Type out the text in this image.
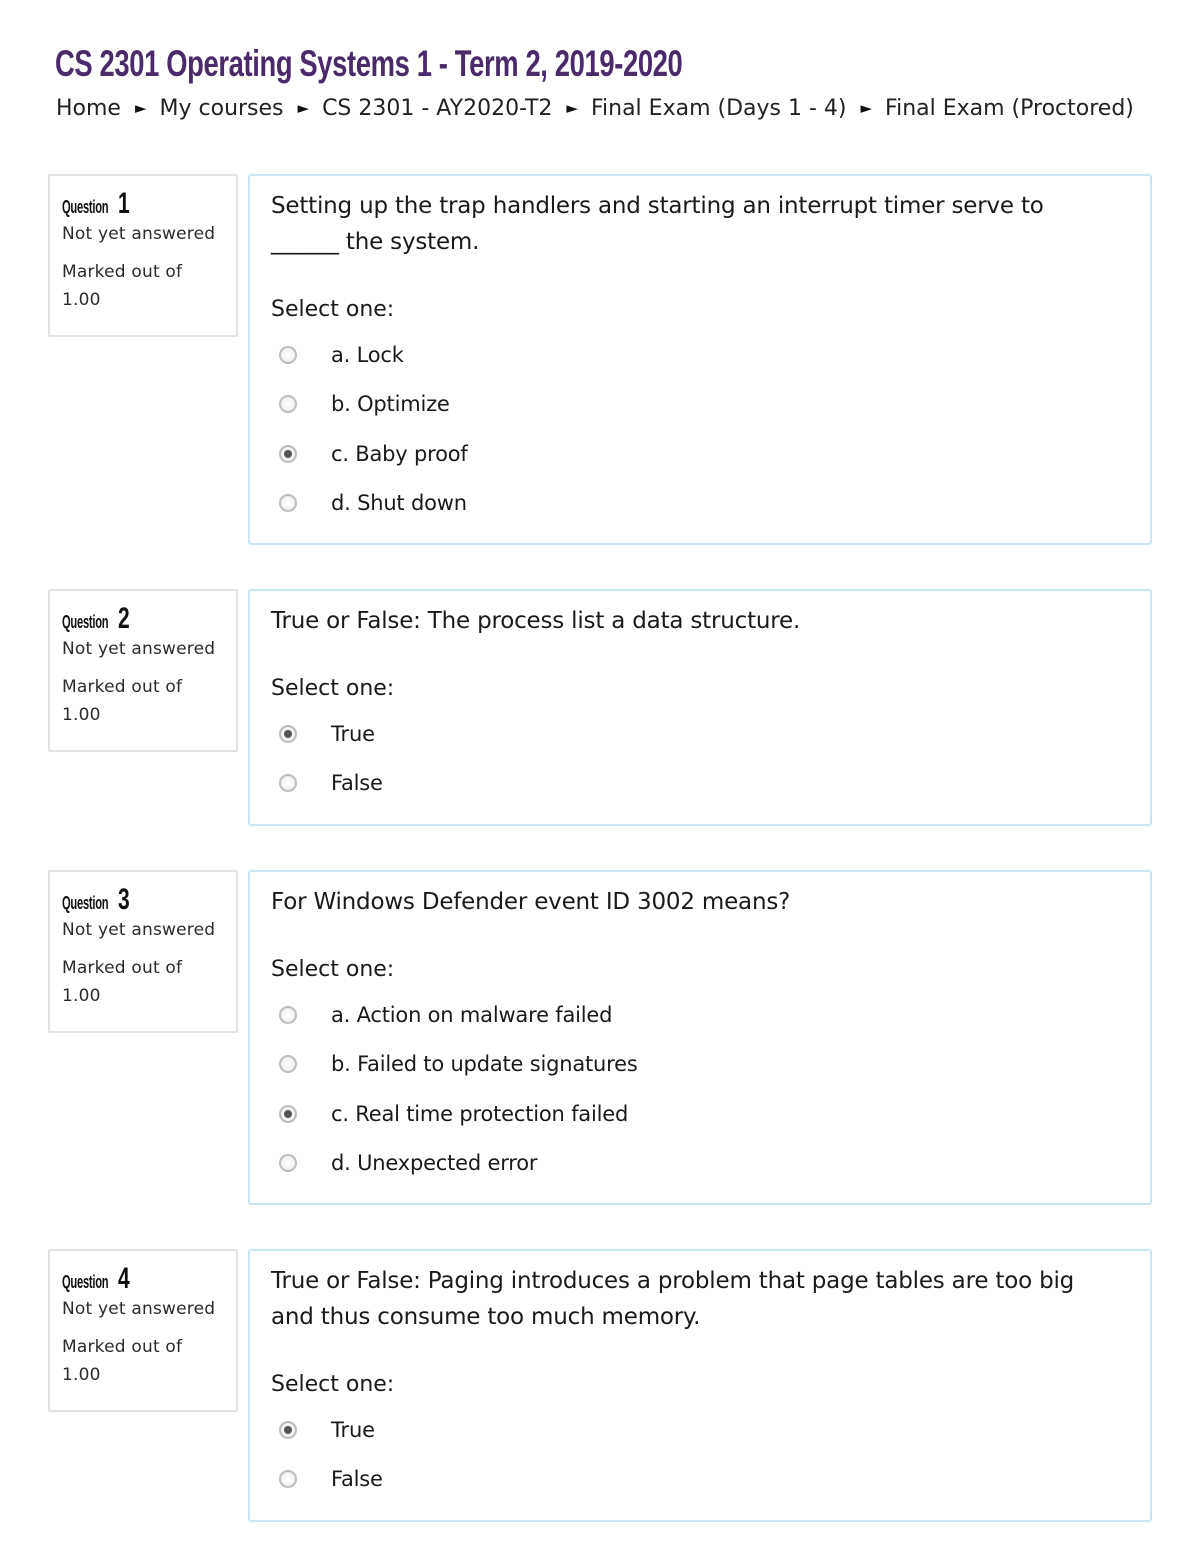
CS 2301 Operating Systems 1 - Term 2, 2019-2020
Home ► My courses ► CS 2301 - AY2020-T2 ► Final Exam (Days 1 - 4) ► Final Exam (Proctored)
Question 1
Not yet answered
Marked out of
1.00

Setting up the trap handlers and starting an interrupt timer serve to ______ the system.

Select one:

a. Lock
b. Optimize
c. Baby proof
d. Shut down
Question 2
Not yet answered
Marked out of
1.00

True or False: The process list a data structure.

Select one:

True
False
Question 3
Not yet answered
Marked out of
1.00

For Windows Defender event ID 3002 means?

Select one:

a. Action on malware failed
b. Failed to update signatures
c. Real time protection failed
d. Unexpected error
Question 4
Not yet answered
Marked out of
1.00

True or False: Paging introduces a problem that page tables are too big and thus consume too much memory.

Select one:

True
False
